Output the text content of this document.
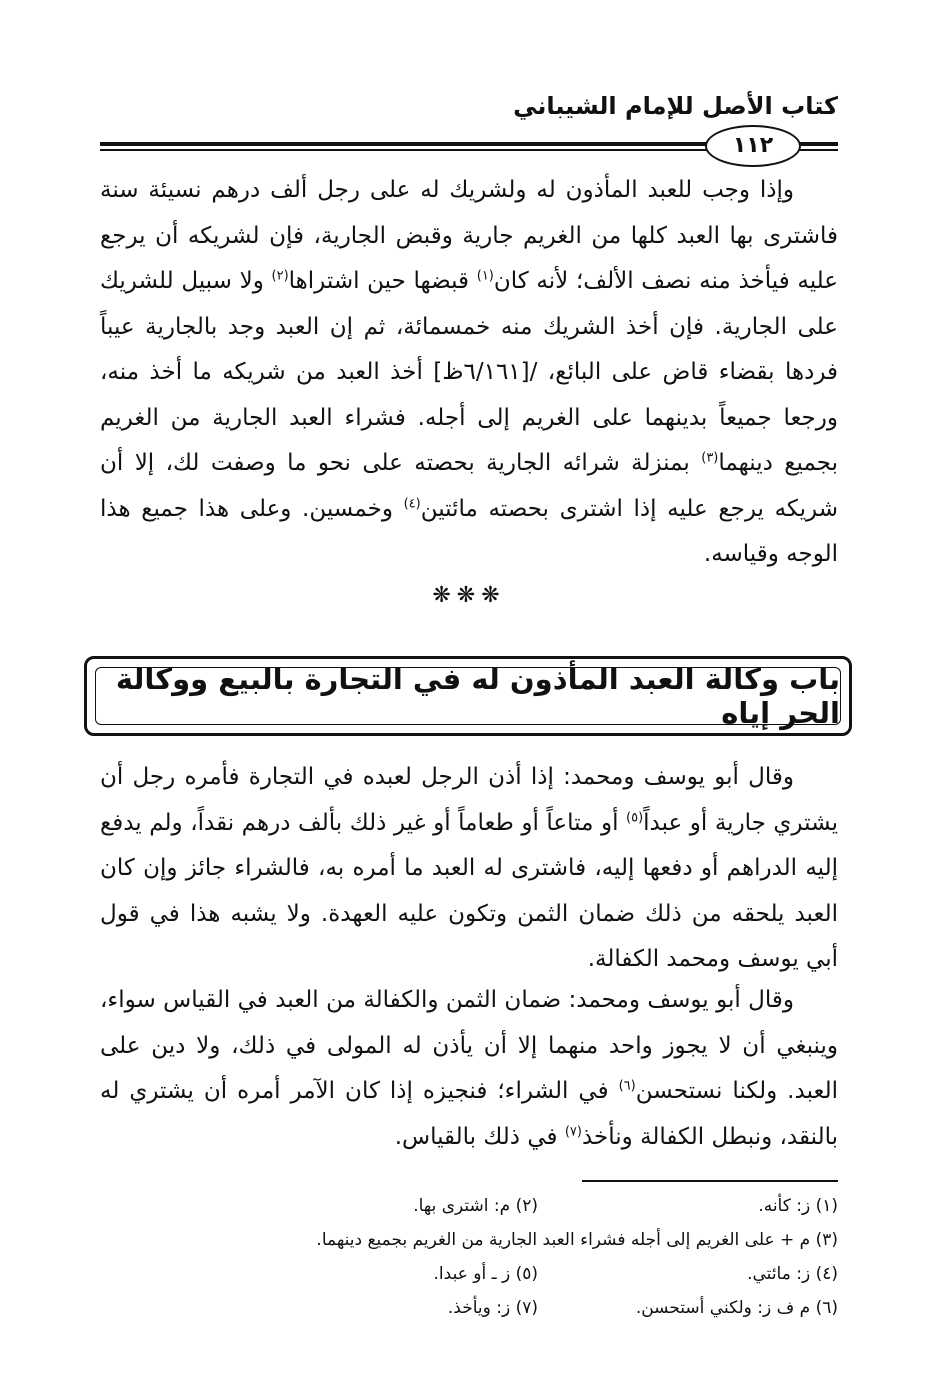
كتاب الأصل للإمام الشيباني
١١٢

وإذا وجب للعبد المأذون له ولشريك له على رجل ألف درهم نسيئة سنة فاشترى بها العبد كلها من الغريم جارية وقبض الجارية، فإن لشريكه أن يرجع عليه فيأخذ منه نصف الألف؛ لأنه كان$^{(١)}$ قبضها حين اشتراها$^{(٢)}$ ولا سبيل للشريك على الجارية. فإن أخذ الشريك منه خمسمائة، ثم إن العبد وجد بالجارية عيباً فردها بقضاء قاض على البائع، /[٦/١٦١ظ] أخذ العبد من شريكه ما أخذ منه، ورجعا جميعاً بدينهما على الغريم إلى أجله. فشراء العبد الجارية من الغريم بجميع دينهما$^{(٣)}$ بمنزلة شرائه الجارية بحصته على نحو ما وصفت لك، إلا أن شريكه يرجع عليه إذا اشترى بحصته مائتين$^{(٤)}$ وخمسين. وعلى هذا جميع هذا الوجه وقياسه.

❋❋❋
باب وكالة العبد المأذون له في التجارة بالبيع ووكالة الحر إياه

وقال أبو يوسف ومحمد: إذا أذن الرجل لعبده في التجارة فأمره رجل أن يشتري جارية أو عبداً$^{(٥)}$ أو متاعاً أو طعاماً أو غير ذلك بألف درهم نقداً، ولم يدفع إليه الدراهم أو دفعها إليه، فاشترى له العبد ما أمره به، فالشراء جائز وإن كان العبد يلحقه من ذلك ضمان الثمن وتكون عليه العهدة. ولا يشبه هذا في قول أبي يوسف ومحمد الكفالة.

وقال أبو يوسف ومحمد: ضمان الثمن والكفالة من العبد في القياس سواء، وينبغي أن لا يجوز واحد منهما إلا أن يأذن له المولى في ذلك، ولا دين على العبد. ولكنا نستحسن$^{(٦)}$ في الشراء؛ فنجيزه إذا كان الآمر أمره أن يشتري له بالنقد، ونبطل الكفالة ونأخذ$^{(٧)}$ في ذلك بالقياس.

(١) ز: كأنه.
(٢) م: اشترى بها.
(٣) م + على الغريم إلى أجله فشراء العبد الجارية من الغريم بجميع دينهما.
(٤) ز: مائتي.
(٥) ز ـ أو عبدا.
(٦) م ف ز: ولكني أستحسن.
(٧) ز: ويأخذ.
